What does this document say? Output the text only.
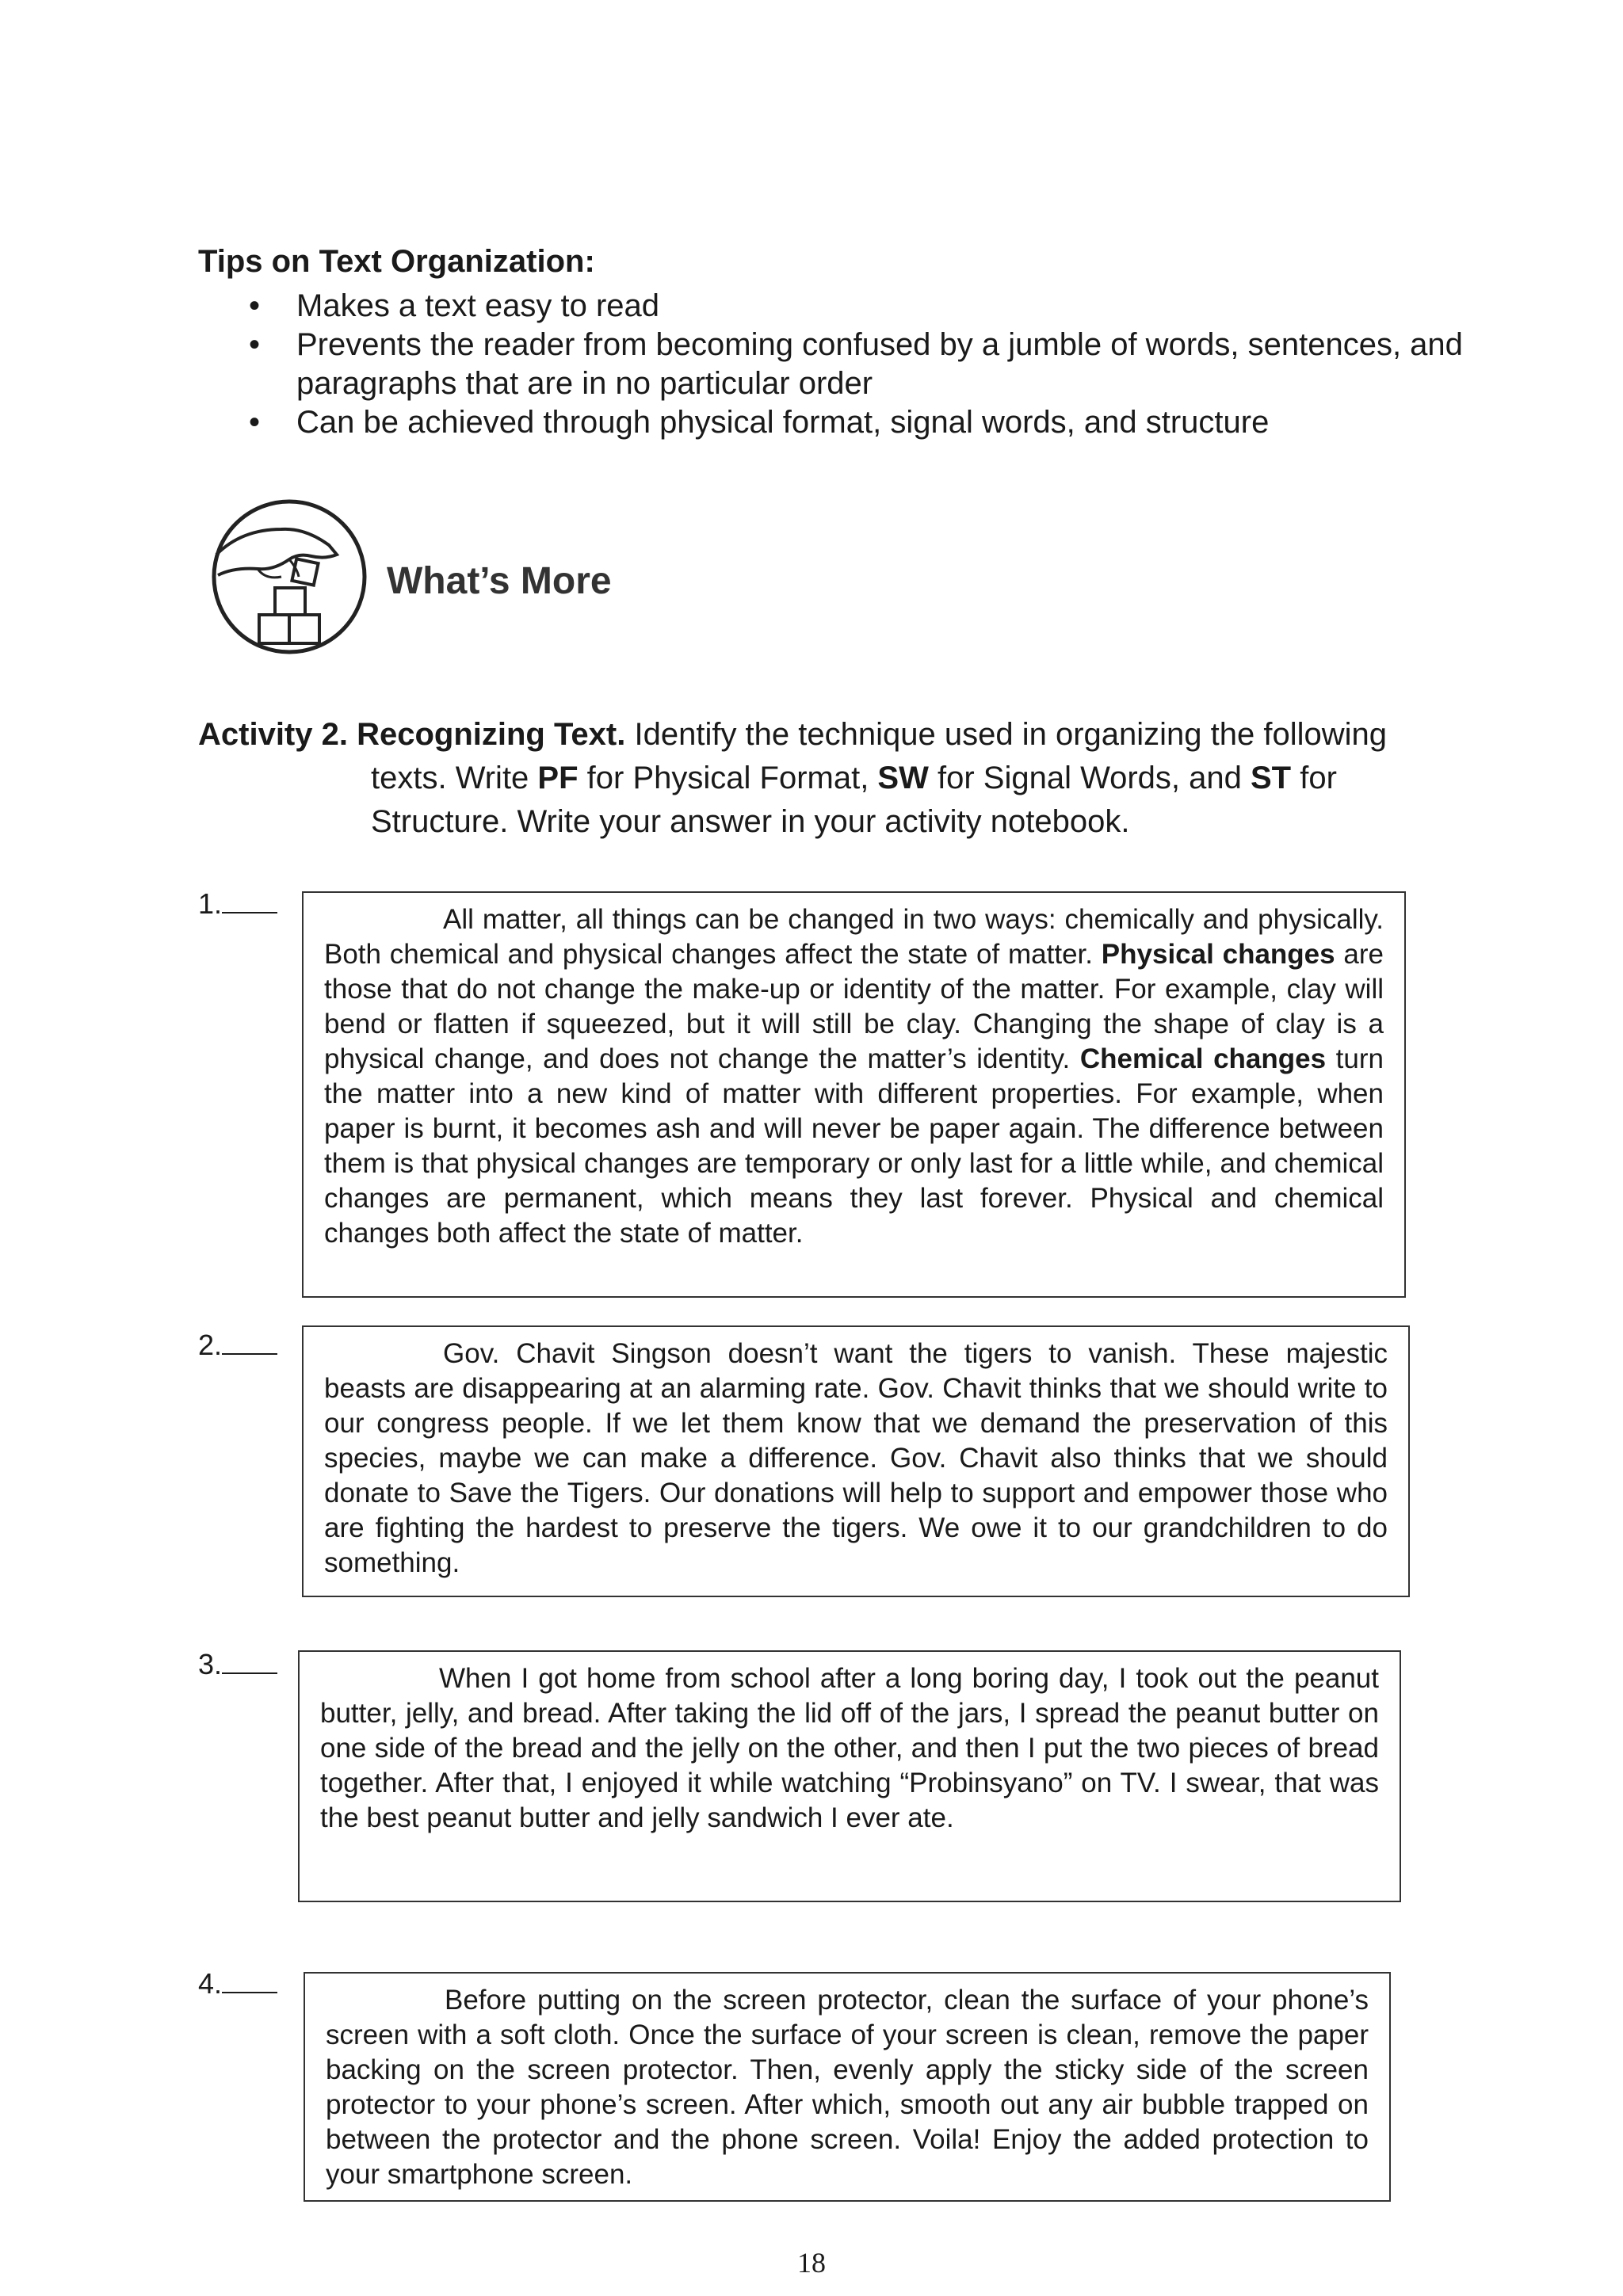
Tips on Text Organization:
• Makes a text easy to read
• Prevents the reader from becoming confused by a jumble of words, sentences, and paragraphs that are in no particular order
• Can be achieved through physical format, signal words, and structure
What’s More
Activity 2. Recognizing Text. Identify the technique used in organizing the following
texts. Write PF for Physical Format, SW for Signal Words, and ST for
Structure. Write your answer in your activity notebook.
1.	All matter, all things can be changed in two ways: chemically and physically. Both chemical and physical changes affect the state of matter. Physical changes are those that do not change the make-up or identity of the matter. For example, clay will bend or flatten if squeezed, but it will still be clay. Changing the shape of clay is a physical change, and does not change the matter’s identity. Chemical changes turn the matter into a new kind of matter with different properties. For example, when paper is burnt, it becomes ash and will never be paper again. The difference between them is that physical changes are temporary or only last for a little while, and chemical changes are permanent, which means they last forever. Physical and chemical changes both affect the state of matter.

2.	Gov. Chavit Singson doesn’t want the tigers to vanish. These majestic beasts are disappearing at an alarming rate. Gov. Chavit thinks that we should write to our congress people. If we let them know that we demand the preservation of this species, maybe we can make a difference. Gov. Chavit also thinks that we should donate to Save the Tigers. Our donations will help to support and empower those who are fighting the hardest to preserve the tigers. We owe it to our grandchildren to do something.

3.	When I got home from school after a long boring day, I took out the peanut butter, jelly, and bread. After taking the lid off of the jars, I spread the peanut butter on one side of the bread and the jelly on the other, and then I put the two pieces of bread together. After that, I enjoyed it while watching “Probinsyano” on TV. I swear, that was the best peanut butter and jelly sandwich I ever ate.

4.

Before putting on the screen protector, clean the surface of your phone’s screen with a soft cloth. Once the surface of your screen is clean, remove the paper backing on the screen protector. Then, evenly apply the sticky side of the screen protector to your phone’s screen. After which, smooth out any air bubble trapped on between the protector and the phone screen. Voila! Enjoy the added protection to your smartphone screen.

18
